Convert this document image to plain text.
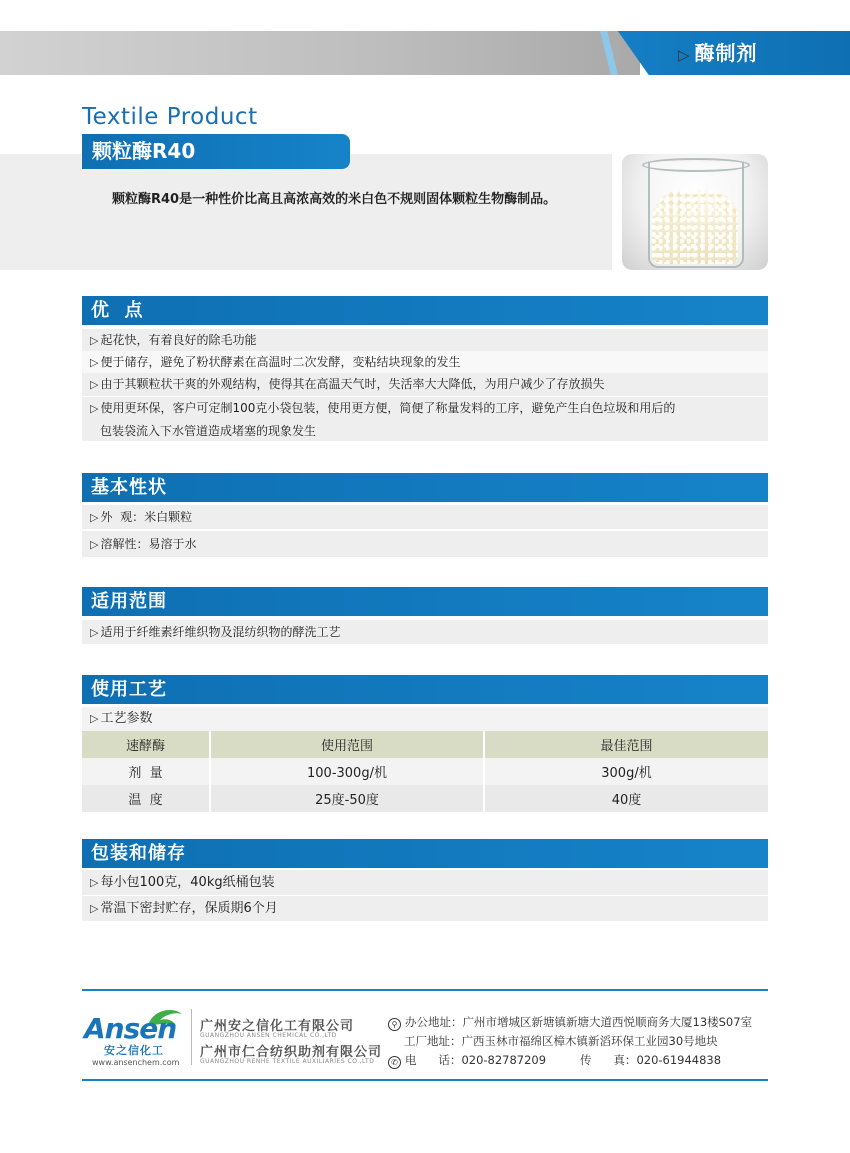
▷ 酶制剂
Textile Product
颗粒酶R40
颗粒酶R40是一种性价比高且高浓高效的米白色不规则固体颗粒生物酶制品。
优  点
▷ 起花快，有着良好的除毛功能
▷ 便于储存，避免了粉状酵素在高温时二次发酵，变粘结块现象的发生
▷ 由于其颗粒状干爽的外观结构，使得其在高温天气时，失活率大大降低，为用户减少了存放损失
▷ 使用更环保，客户可定制100克小袋包装，使用更方便，简便了称量发料的工序，避免产生白色垃圾和用后的
包装袋流入下水管道造成堵塞的现象发生
基本性状
▷ 外  观：米白颗粒
▷ 溶解性：易溶于水
适用范围
▷ 适用于纤维素纤维织物及混纺织物的酵洗工艺
使用工艺
▷ 工艺参数
速酵酶	使用范围	最佳范围
剂  量	100-300g/机	300g/机
温  度	25度-50度	40度
包装和储存
▷ 每小包100克，40kg纸桶包装
▷ 常温下密封贮存，保质期6个月
Ansen
安之信化工
www.ansenchem.com
广州安之信化工有限公司
GUANGZHOU ANSEN CHEMICAL CO.,LTD
广州市仁合纺织助剂有限公司
GUANGZHOU RENHE TEXTILE AUXILIARIES CO.,LTD
⚲ 办公地址：广州市增城区新塘镇新塘大道西悦顺商务大厦13楼S07室
工厂地址：广西玉林市福绵区樟木镇新滔环保工业园30号地块
✆ 电      话：020-82787209	传      真：020-61944838
